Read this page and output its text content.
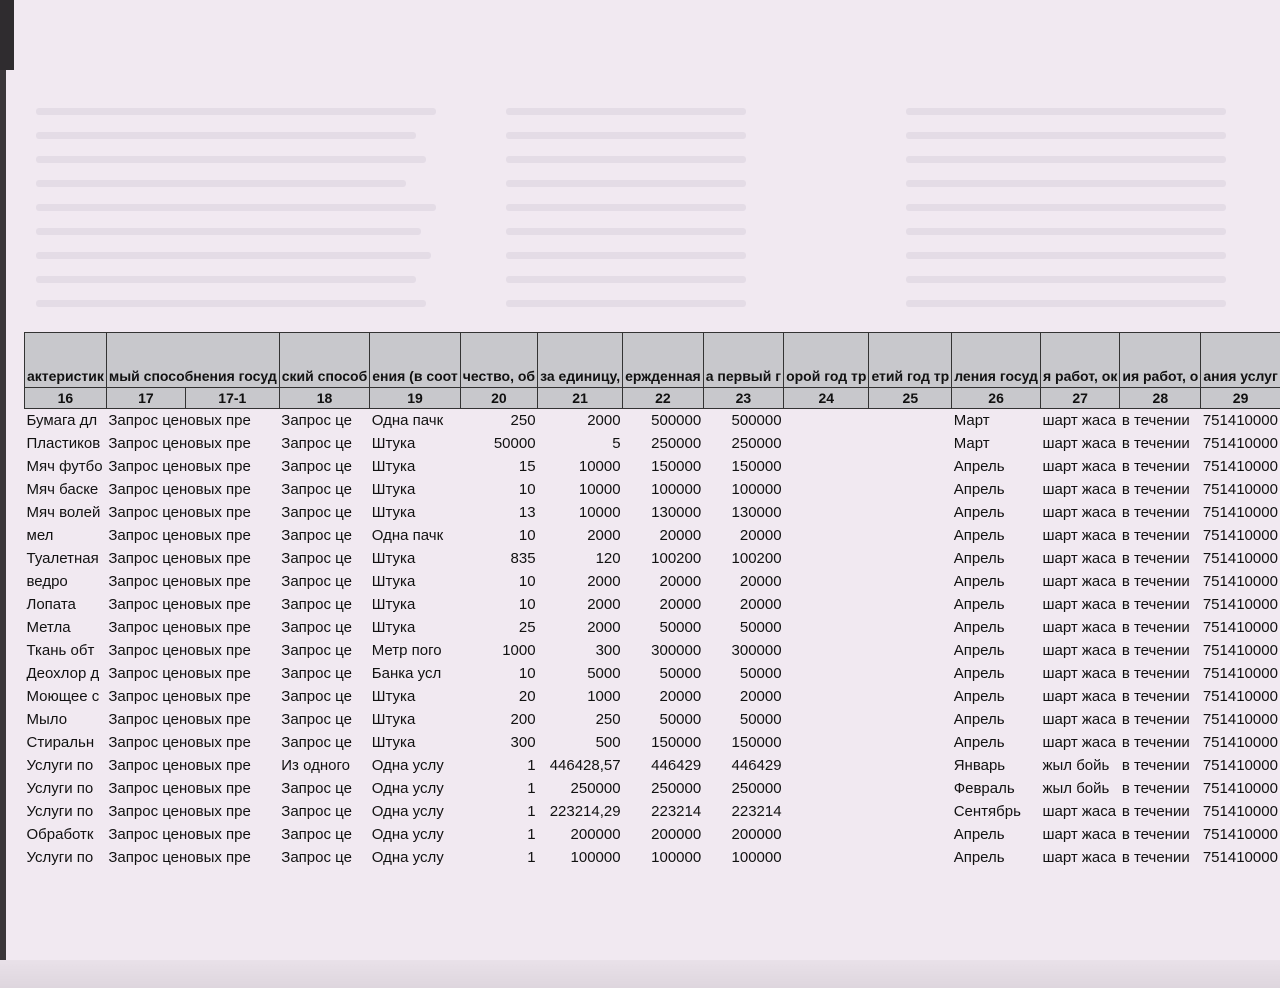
актеристик	мый способнения госуд	ский способ	ения (в соот	чество, об	за единицу,	ержденная	а первый г	орой год тр	етий год тр	ления госуд	я работ, ок	ия работ, о	ания услуг
16	17 17-1	18	19	20	21	22	23	24	25	26	27	28	29
Бумага дл	Запрос ценовых пре	Запрос це	Одна пачк	250	2000	500000	500000			Март	шарт жаса	в течении	751410000
Пластиков	Запрос ценовых пре	Запрос це	Штука	50000	5	250000	250000			Март	шарт жаса	в течении	751410000
Мяч футбо	Запрос ценовых пре	Запрос це	Штука	15	10000	150000	150000			Апрель	шарт жаса	в течении	751410000
Мяч баске	Запрос ценовых пре	Запрос це	Штука	10	10000	100000	100000			Апрель	шарт жаса	в течении	751410000
Мяч волей	Запрос ценовых пре	Запрос це	Штука	13	10000	130000	130000			Апрель	шарт жаса	в течении	751410000
мел	Запрос ценовых пре	Запрос це	Одна пачк	10	2000	20000	20000			Апрель	шарт жаса	в течении	751410000
Туалетная	Запрос ценовых пре	Запрос це	Штука	835	120	100200	100200			Апрель	шарт жаса	в течении	751410000
ведро	Запрос ценовых пре	Запрос це	Штука	10	2000	20000	20000			Апрель	шарт жаса	в течении	751410000
Лопата	Запрос ценовых пре	Запрос це	Штука	10	2000	20000	20000			Апрель	шарт жаса	в течении	751410000
Метла	Запрос ценовых пре	Запрос це	Штука	25	2000	50000	50000			Апрель	шарт жаса	в течении	751410000
Ткань обт	Запрос ценовых пре	Запрос це	Метр пого	1000	300	300000	300000			Апрель	шарт жаса	в течении	751410000
Деохлор д	Запрос ценовых пре	Запрос це	Банка усл	10	5000	50000	50000			Апрель	шарт жаса	в течении	751410000
Моющее с	Запрос ценовых пре	Запрос це	Штука	20	1000	20000	20000			Апрель	шарт жаса	в течении	751410000
Мыло	Запрос ценовых пре	Запрос це	Штука	200	250	50000	50000			Апрель	шарт жаса	в течении	751410000
Стиральн	Запрос ценовых пре	Запрос це	Штука	300	500	150000	150000			Апрель	шарт жаса	в течении	751410000
Услуги по	Запрос ценовых пре	Из одного	Одна услу	1	446428,57	446429	446429			Январь	жыл бойь	в течении	751410000
Услуги по	Запрос ценовых пре	Запрос це	Одна услу	1	250000	250000	250000			Февраль	жыл бойь	в течении	751410000
Услуги по	Запрос ценовых пре	Запрос це	Одна услу	1	223214,29	223214	223214			Сентябрь	шарт жаса	в течении	751410000
Обработк	Запрос ценовых пре	Запрос це	Одна услу	1	200000	200000	200000			Апрель	шарт жаса	в течении	751410000
Услуги по	Запрос ценовых пре	Запрос це	Одна услу	1	100000	100000	100000			Апрель	шарт жаса	в течении	751410000
